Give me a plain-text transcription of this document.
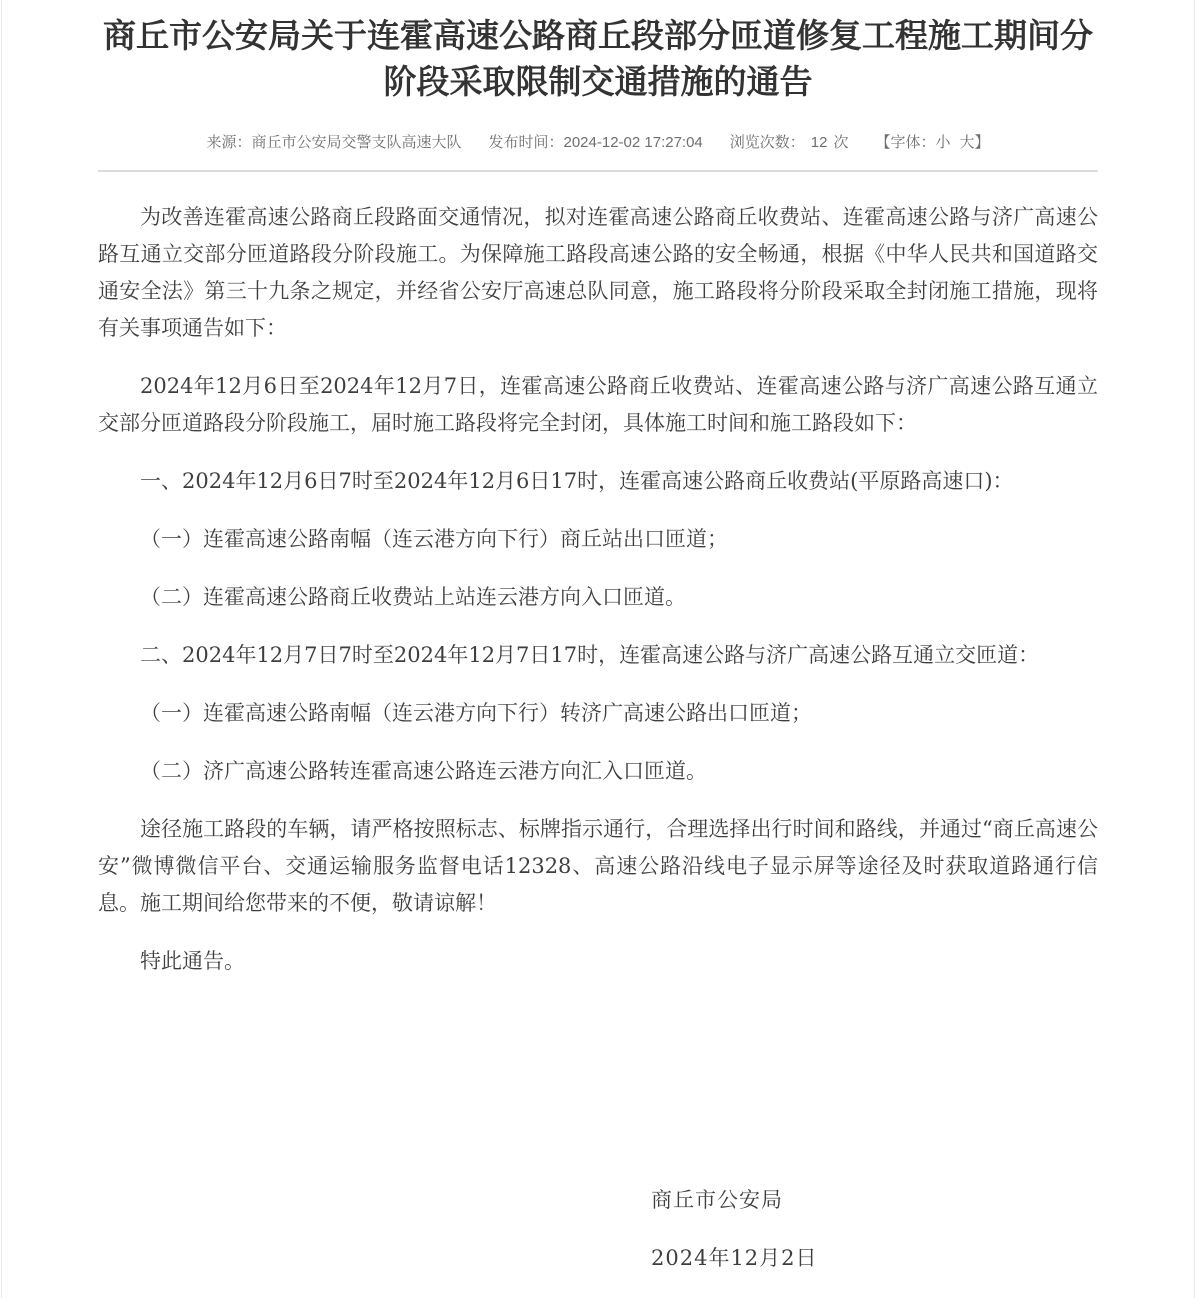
商丘市公安局关于连霍高速公路商丘段部分匝道修复工程施工期间分阶段采取限制交通措施的通告
来源：商丘市公安局交警支队高速大队 发布时间：2024-12-02 17:27:04 浏览次数： 12 次 【字体：小 大】

为改善连霍高速公路商丘段路面交通情况，拟对连霍高速公路商丘收费站、连霍高速公路与济广高速公路互通立交部分匝道路段分阶段施工。为保障施工路段高速公路的安全畅通，根据《中华人民共和国道路交通安全法》第三十九条之规定，并经省公安厅高速总队同意，施工路段将分阶段采取全封闭施工措施，现将有关事项通告如下：

2024年12月6日至2024年12月7日，连霍高速公路商丘收费站、连霍高速公路与济广高速公路互通立交部分匝道路段分阶段施工，届时施工路段将完全封闭，具体施工时间和施工路段如下：

一、2024年12月6日7时至2024年12月6日17时，连霍高速公路商丘收费站(平原路高速口)：

（一）连霍高速公路南幅（连云港方向下行）商丘站出口匝道；

（二）连霍高速公路商丘收费站上站连云港方向入口匝道。

二、2024年12月7日7时至2024年12月7日17时，连霍高速公路与济广高速公路互通立交匝道：

（一）连霍高速公路南幅（连云港方向下行）转济广高速公路出口匝道；

（二）济广高速公路转连霍高速公路连云港方向汇入口匝道。

途径施工路段的车辆，请严格按照标志、标牌指示通行，合理选择出行时间和路线，并通过“商丘高速公安”微博微信平台、交通运输服务监督电话12328、高速公路沿线电子显示屏等途径及时获取道路通行信息。施工期间给您带来的不便，敬请谅解！

特此通告。

商丘市公安局

2024年12月2日
